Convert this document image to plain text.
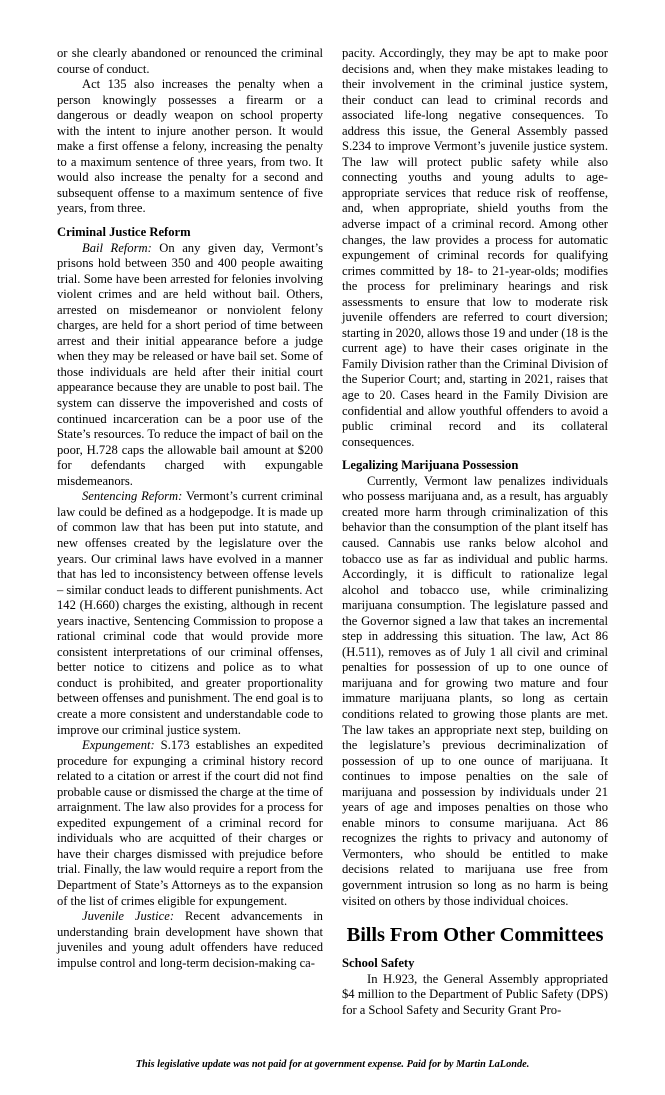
or she clearly abandoned or renounced the criminal course of conduct.

Act 135 also increases the penalty when a person knowingly possesses a firearm or a dangerous or deadly weapon on school property with the intent to injure another person. It would make a first offense a felony, increasing the penalty to a maximum sentence of three years, from two. It would also increase the penalty for a second and subsequent offense to a maximum sentence of five years, from three.

Criminal Justice Reform

Bail Reform: On any given day, Vermont’s prisons hold between 350 and 400 people awaiting trial. Some have been arrested for felonies involving violent crimes and are held without bail. Others, arrested on misdemeanor or nonviolent felony charges, are held for a short period of time between arrest and their initial appearance before a judge when they may be released or have bail set. Some of those individuals are held after their initial court appearance because they are unable to post bail. The system can disserve the impoverished and costs of continued incarceration can be a poor use of the State’s resources. To reduce the impact of bail on the poor, H.728 caps the allowable bail amount at $200 for defendants charged with expungable misdemeanors.

Sentencing Reform: Vermont’s current criminal law could be defined as a hodgepodge. It is made up of common law that has been put into statute, and new offenses created by the legislature over the years. Our criminal laws have evolved in a manner that has led to inconsistency between offense levels – similar conduct leads to different punishments. Act 142 (H.660) charges the existing, although in recent years inactive, Sentencing Commission to propose a rational criminal code that would provide more consistent interpretations of our criminal offenses, better notice to citizens and police as to what conduct is prohibited, and greater proportionality between offenses and punishment. The end goal is to create a more consistent and understandable code to improve our criminal justice system.

Expungement: S.173 establishes an expedited procedure for expunging a criminal history record related to a citation or arrest if the court did not find probable cause or dismissed the charge at the time of arraignment. The law also provides for a process for expedited expungement of a criminal record for individuals who are acquitted of their charges or have their charges dismissed with prejudice before trial. Finally, the law would require a report from the Department of State’s Attorneys as to the expansion of the list of crimes eligible for expungement.

Juvenile Justice: Recent advancements in understanding brain development have shown that juveniles and young adult offenders have reduced impulse control and long-term decision-making ca-

pacity. Accordingly, they may be apt to make poor decisions and, when they make mistakes leading to their involvement in the criminal justice system, their conduct can lead to criminal records and associated life-long negative consequences. To address this issue, the General Assembly passed S.234 to improve Vermont’s juvenile justice system. The law will protect public safety while also connecting youths and young adults to age-appropriate services that reduce risk of reoffense, and, when appropriate, shield youths from the adverse impact of a criminal record. Among other changes, the law provides a process for automatic expungement of criminal records for qualifying crimes committed by 18- to 21-year-olds; modifies the process for preliminary hearings and risk assessments to ensure that low to moderate risk juvenile offenders are referred to court diversion; starting in 2020, allows those 19 and under (18 is the current age) to have their cases originate in the Family Division rather than the Criminal Division of the Superior Court; and, starting in 2021, raises that age to 20. Cases heard in the Family Division are confidential and allow youthful offenders to avoid a public criminal record and its collateral consequences.

Legalizing Marijuana Possession

Currently, Vermont law penalizes individuals who possess marijuana and, as a result, has arguably created more harm through criminalization of this behavior than the consumption of the plant itself has caused. Cannabis use ranks below alcohol and tobacco use as far as individual and public harms. Accordingly, it is difficult to rationalize legal alcohol and tobacco use, while criminalizing marijuana consumption. The legislature passed and the Governor signed a law that takes an incremental step in addressing this situation. The law, Act 86 (H.511), removes as of July 1 all civil and criminal penalties for possession of up to one ounce of marijuana and for growing two mature and four immature marijuana plants, so long as certain conditions related to growing those plants are met. The law takes an appropriate next step, building on the legislature’s previous decriminalization of possession of up to one ounce of marijuana. It continues to impose penalties on the sale of marijuana and possession by individuals under 21 years of age and imposes penalties on those who enable minors to consume marijuana. Act 86 recognizes the rights to privacy and autonomy of Vermonters, who should be entitled to make decisions related to marijuana use free from government intrusion so long as no harm is being visited on others by those individual choices.

Bills From Other Committees
School Safety

In H.923, the General Assembly appropriated $4 million to the Department of Public Safety (DPS) for a School Safety and Security Grant Pro-

This legislative update was not paid for at government expense. Paid for by Martin LaLonde.
